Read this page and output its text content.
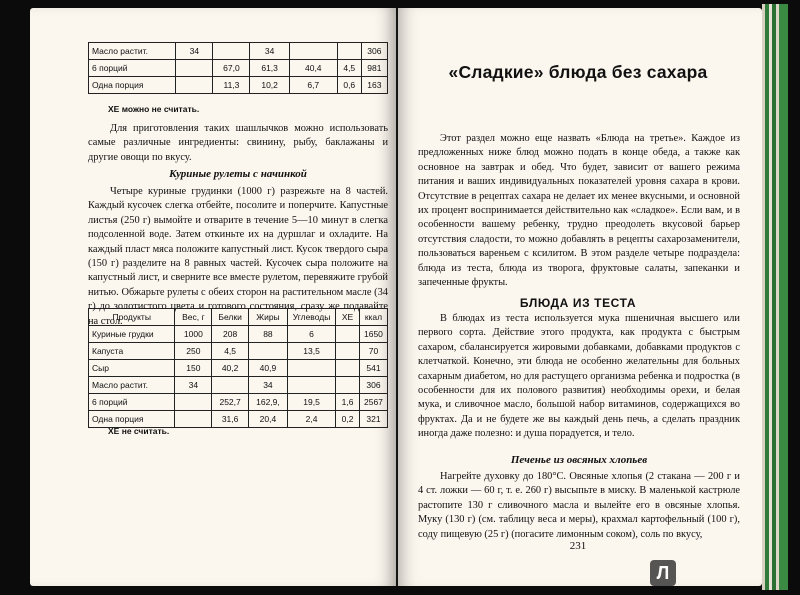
Масло растит.	34		34			306
6 порций		67,0	61,3	40,4	4,5	981
Одна порция		11,3	10,2	6,7	0,6	163
ХЕ можно не считать.
Для приготовления таких шашлычков можно использовать самые различные ингредиенты: свинину, рыбу, баклажаны и другие овощи по вкусу.
Куриные рулеты с начинкой
Четыре куриные грудинки (1000 г) разрежьте на 8 частей. Каждый кусочек слегка отбейте, посолите и поперчите. Капустные листья (250 г) вымойте и отварите в течение 5—10 минут в слегка подсоленной воде. Затем откиньте их на дуршлаг и охладите. На каждый пласт мяса положите капустный лист. Кусок твердого сыра (150 г) разделите на 8 равных частей. Кусочек сыра положите на капустный лист, и сверните все вместе рулетом, перевяжите грубой нитью. Обжарьте рулеты с обеих сторон на растительном масле (34 г) до золотистого цвета и готового состояния, сразу же подавайте на стол.
Продукты	Вес, г	Белки	Жиры	Углеводы	ХЕ	ккал
Куриные грудки	1000	208	88	6		1650
Капуста	250	4,5		13,5		70
Сыр	150	40,2	40,9			541
Масло растит.	34		34			306
6 порций		252,7	162,9,	19,5	1,6	2567
Одна порция		31,6	20,4	2,4	0,2	321
ХЕ не считать.
«Сладкие» блюда без сахара
Этот раздел можно еще назвать «Блюда на третье». Каждое из предложенных ниже блюд можно подать в конце обеда, а также как основное на завтрак и обед. Что будет, зависит от вашего режима питания и ваших индивидуальных показателей уровня сахара в крови. Отсутствие в рецептах сахара не делает их менее вкусными, и основной их процент воспринимается действительно как «сладкое». Если вам, и в особенности вашему ребенку, трудно преодолеть вкусовой барьер отсутствия сладости, то можно добавлять в рецепты сахарозаменители, пользоваться вареньем с ксилитом. В этом разделе четыре подраздела: блюда из теста, блюда из творога, фруктовые салаты, запеканки и запеченные фрукты.
БЛЮДА ИЗ ТЕСТА
В блюдах из теста используется мука пшеничная высшего или первого сорта. Действие этого продукта, как продукта с быстрым сахаром, сбалансируется жировыми добавками, добавками продуктов с клетчаткой. Конечно, эти блюда не особенно желательны для больных сахарным диабетом, но для растущего организма ребенка и подростка (в особенности для их полового развития) необходимы орехи, и белая мука, и сливочное масло, большой набор витаминов, содержащихся во фруктах. Да и не будете же вы каждый день печь, а сделать праздник иногда даже полезно: и душа порадуется, и тело.
Печенье из овсяных хлопьев
Нагрейте духовку до 180°С. Овсяные хлопья (2 стакана — 200 г и 4 ст. ложки — 60 г, т. е. 260 г) высыпьте в миску. В маленькой кастрюле растопите 130 г сливочного масла и вылейте его в овсяные хлопья. Муку (130 г) (см. таблицу веса и меры), крахмал картофельный (100 г), соду пищевую (25 г) (погасите лимонным соком), соль по вкусу,
231
Л
